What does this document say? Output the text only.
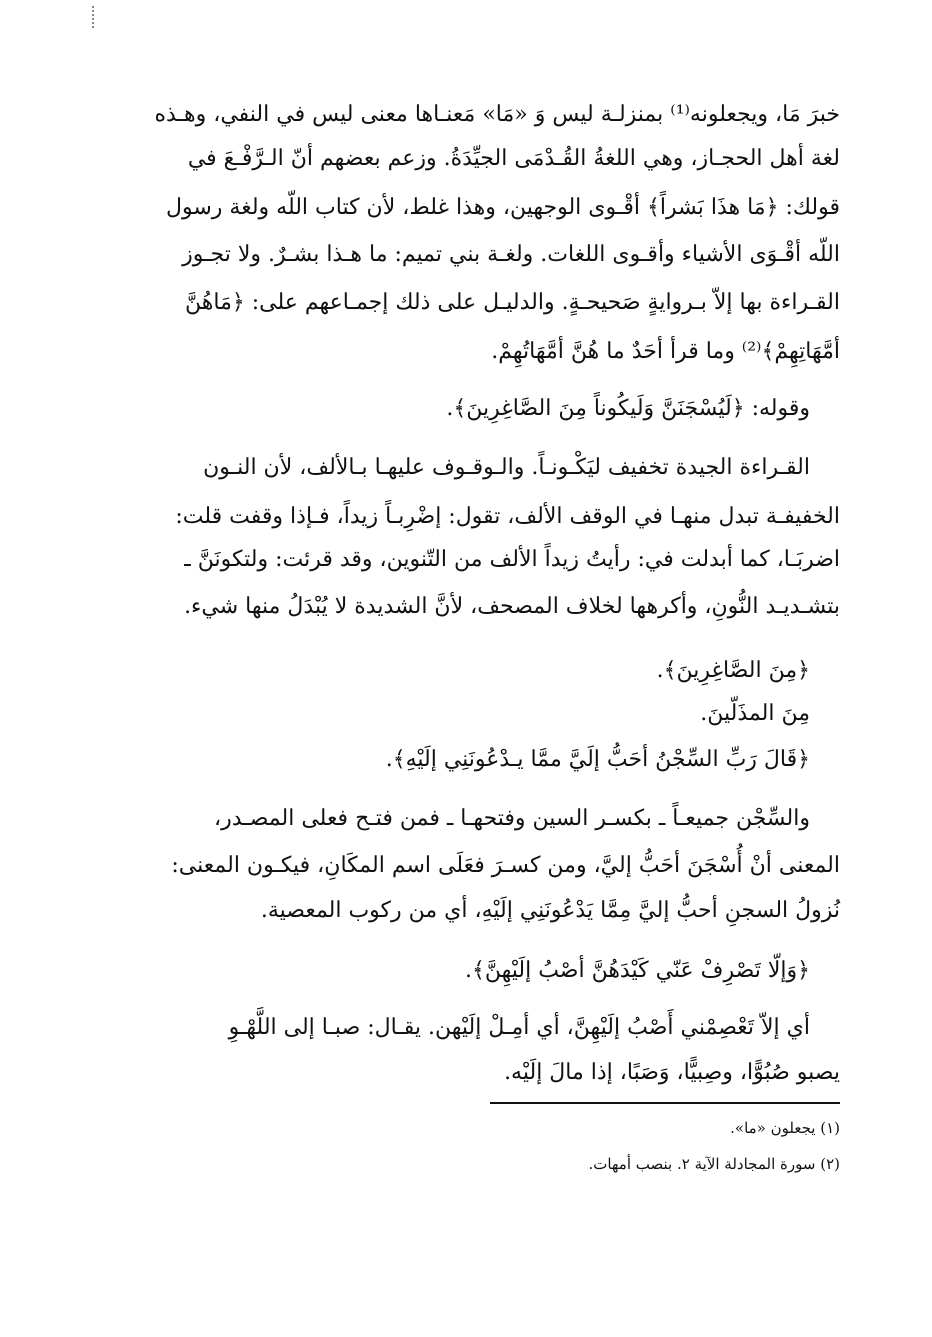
خبرَ مَا، ويجعلونه⁽¹⁾ بمنزلـة ليس وَ «مَا» مَعنـاها معنى ليس في النفي، وهـذه
لغة أهل الحجـاز، وهي اللغةُ القُـدْمَى الجيِّدَةُ. وزعم بعضهم أنّ الـرَّفْـعَ في
قولك: ﴿مَا هذَا بَشراً﴾ أقْـوى الوجهين، وهذا غلط، لأن كتاب اللّه ولغة رسول
اللّه أقْـوَى الأشياء وأقـوى اللغات. ولغـة بني تميم: ما هـذا بشـرٌ. ولا تجـوز
القـراءة بها إلاّ بـروايةٍ صَحيحـةٍ. والدليـل على ذلك إجمـاعهم على: ﴿مَاهُنَّ
أمَّهَاتِهِمْ﴾⁽²⁾ وما قرأ أحَدٌ ما هُنَّ أمَّهَاتُهِمْ.
وقوله: ﴿لَيُسْجَنَنَّ وَلَيكُوناً مِنَ الصَّاغِرِينَ﴾.
القـراءة الجيدة تخفيف ليَكْـونـاً. والـوقـوف عليهـا بـالألف، لأن النـون
الخفيفـة تبدل منهـا في الوقف الألف، تقول: إضْرِبـاً زيداً، فـإذا وقفت قلت:
اضربَـا، كما أبدلت في: رأيتُ زيداً الألف من التّنوين، وقد قرئت: ولتكونَنَّ ـ
بتشـديـد النُّونِ، وأكرهها لخلاف المصحف، لأنَّ الشديدة لا يُبْدَلُ منها شيء.
﴿مِنَ الصَّاغِرِينَ﴾.
مِنَ المذَلّينَ.
﴿قَالَ رَبِّ السِّجْنُ أحَبُّ إلَيَّ ممَّا يـدْعُونَنِي إلَيْهِ﴾.
والسِّجْن جميعـاً ـ بكسـر السين وفتحهـا ـ فمن فتـح فعلى المصـدر،
المعنى أنْ أُسْجَنَ أحَبُّ إليَّ، ومن كسـرَ فعَلَى اسم المكَانِ، فيكـون المعنى:
نُزولُ السجنِ أحبُّ إليَّ مِمَّا يَدْعُونَنِي إلَيْهِ، أي من ركوب المعصية.
﴿وَإلّا تَصْرِفْ عَنّي كَيْدَهُنَّ أصْبُ إلَيْهِنَّ﴾.
أي إلاّ تَعْصِمْني أَصْبُ إلَيْهِنَّ، أي أمِـلْ إلَيْهن. يقـال: صبـا إلى اللَّهْـوِ
يصبو صُبُوًّا، وصِبيًّا، وَصَبًا، إذا مالَ إلَيْه.
(١) يجعلون «ما».
(٢) سورة المجادلة الآية ٢. بنصب أمهات.
